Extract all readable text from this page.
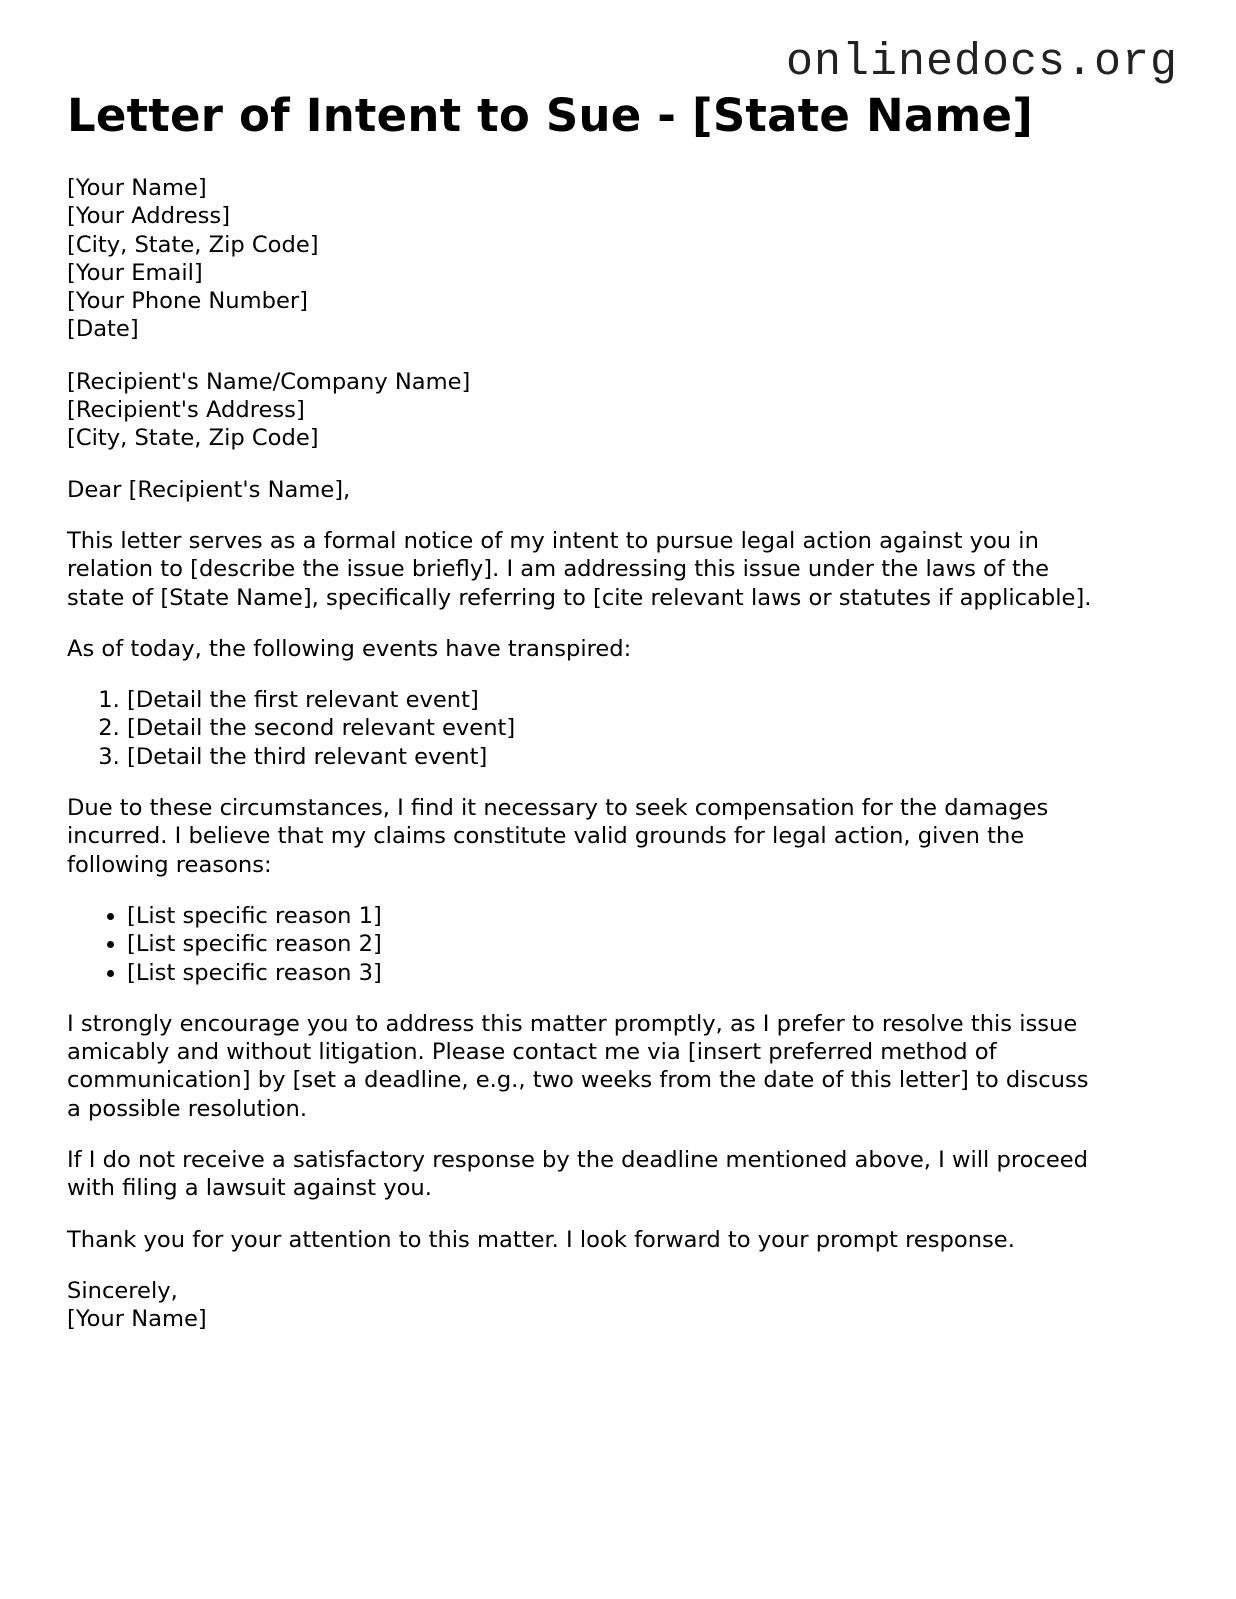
onlinedocs.org
Letter of Intent to Sue - [State Name]

[Your Name]
[Your Address]
[City, State, Zip Code]
[Your Email]
[Your Phone Number]
[Date]

[Recipient's Name/Company Name]
[Recipient's Address]
[City, State, Zip Code]

Dear [Recipient's Name],

This letter serves as a formal notice of my intent to pursue legal action against you in
relation to [describe the issue briefly]. I am addressing this issue under the laws of the
state of [State Name], specifically referring to [cite relevant laws or statutes if applicable].

As of today, the following events have transpired:

1. [Detail the first relevant event]
2. [Detail the second relevant event]
3. [Detail the third relevant event]

Due to these circumstances, I find it necessary to seek compensation for the damages
incurred. I believe that my claims constitute valid grounds for legal action, given the
following reasons:

• [List specific reason 1]
• [List specific reason 2]
• [List specific reason 3]

I strongly encourage you to address this matter promptly, as I prefer to resolve this issue
amicably and without litigation. Please contact me via [insert preferred method of
communication] by [set a deadline, e.g., two weeks from the date of this letter] to discuss
a possible resolution.

If I do not receive a satisfactory response by the deadline mentioned above, I will proceed
with filing a lawsuit against you.

Thank you for your attention to this matter. I look forward to your prompt response.

Sincerely,
[Your Name]
